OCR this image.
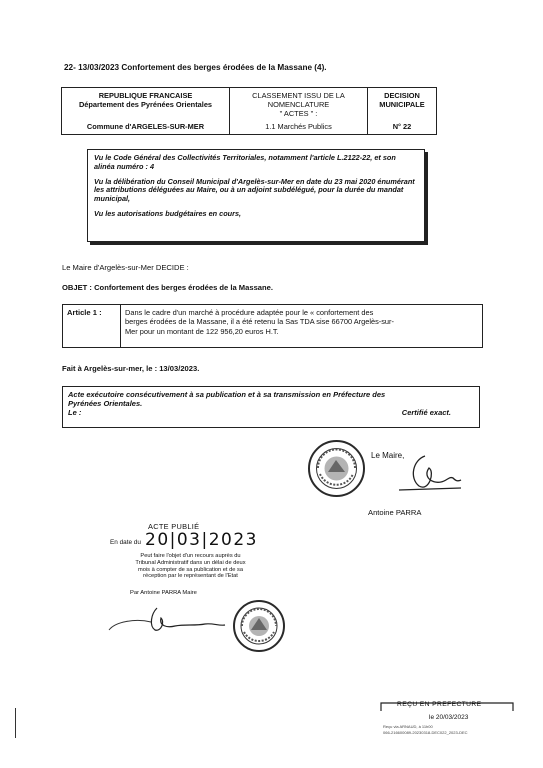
22- 13/03/2023 Confortement des berges érodées de la Massane (4).
REPUBLIQUE FRANCAISE
Département des Pyrénées Orientales
Commune d'ARGELES-SUR-MER
CLASSEMENT ISSU DE LA
NOMENCLATURE
" ACTES " :
1.1 Marchés Publics
DECISION
MUNICIPALE
N° 22

Vu le Code Général des Collectivités Territoriales, notamment l'article L.2122-22, et son alinéa numéro : 4

Vu la délibération du Conseil Municipal d'Argelès-sur-Mer en date du 23 mai 2020 énumérant les attributions déléguées au Maire, ou à un adjoint subdélégué, pour la durée du mandat municipal,

Vu les autorisations budgétaires en cours,

Le Maire d'Argelès-sur-Mer DECIDE :
OBJET : Confortement des berges érodées de la Massane.
Article 1 :	Dans le cadre d'un marché à procédure adaptée pour le « confortement des
berges érodées de la Massane, il a été retenu la Sas TDA sise 66700 Argelès-sur-
Mer pour un montant de 122 956,20 euros H.T.
Fait à Argelès-sur-mer, le : 13/03/2023.
Acte exécutoire consécutivement à sa publication et à sa transmission en Préfecture des
Pyrénées Orientales.
Le :	Certifié exact.
Le Maire,
Antoine PARRA
ACTE PUBLIÉ
En date du 20|03|2023
Peut faire l'objet d'un recours auprès du
Tribunal Administratif dans un délai de deux
mois à compter de sa publication et de sa
réception par le représentant de l'Etat
Par Antoine PARRA Maire
REÇU EN PREFECTURE
le 20/03/2023
Reçu via ARNAUD, à 11h00
066-216600089-20230318-DEC022_2023-DEC
